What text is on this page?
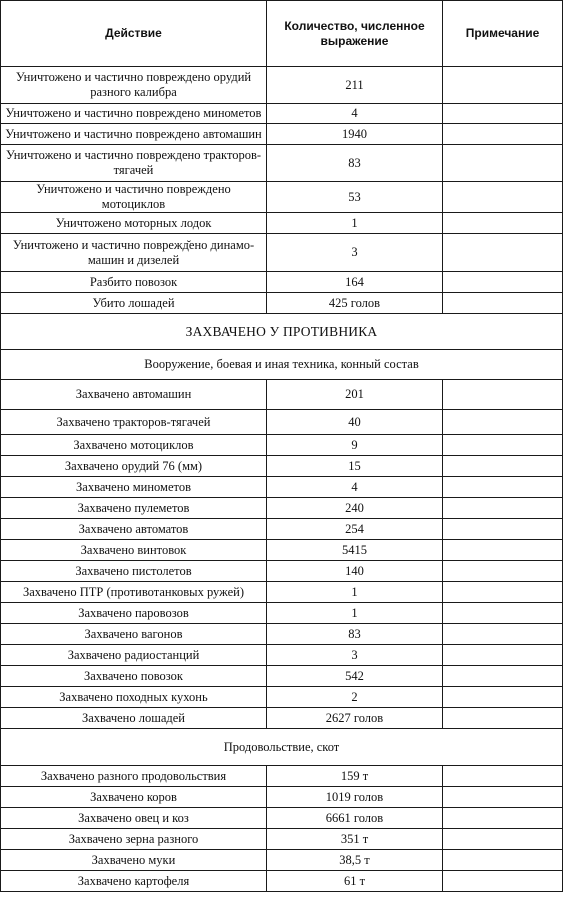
Действие	Количество, численное выражение	Примечание
Уничтожено и частично повреждено орудий разного калибра	211	
Уничтожено и частично повреждено минометов	4	
Уничтожено и частично повреждено автомашин	1940	
Уничтожено и частично повреждено тракторов-тягачей	83	
Уничтожено и частично повреждено мотоциклов	53	
Уничтожено моторных лодок	1	
Уничтожено и частично поврежд̆ено динамо-машин и дизелей	3	
Разбито повозок	164	
Убито лошадей	425 голов	
ЗАХВАЧЕНО У ПРОТИВНИКА		
Вооружение, боевая и иная техника, конный состав		
Захвачено автомашин	201	
Захвачено тракторов-тягачей	40	
Захвачено мотоциклов	9	
Захвачено орудий 76 (мм)	15	
Захвачено минометов	4	
Захвачено пулеметов	240	
Захвачено автоматов	254	
Захвачено винтовок	5415	
Захвачено пистолетов	140	
Захвачено ПТР (противотанковых ружей)	1	
Захвачено паровозов	1	
Захвачено вагонов	83	
Захвачено радиостанций	3	
Захвачено повозок	542	
Захвачено походных кухонь	2	
Захвачено лошадей	2627 голов	
Продовольствие, скот		
Захвачено разного продовольствия	159 т	
Захвачено коров	1019 голов	
Захвачено овец и коз	6661 голов	
Захвачено зерна разного	351 т	
Захвачено муки	38,5 т	
Захвачено картофеля	61 т	
